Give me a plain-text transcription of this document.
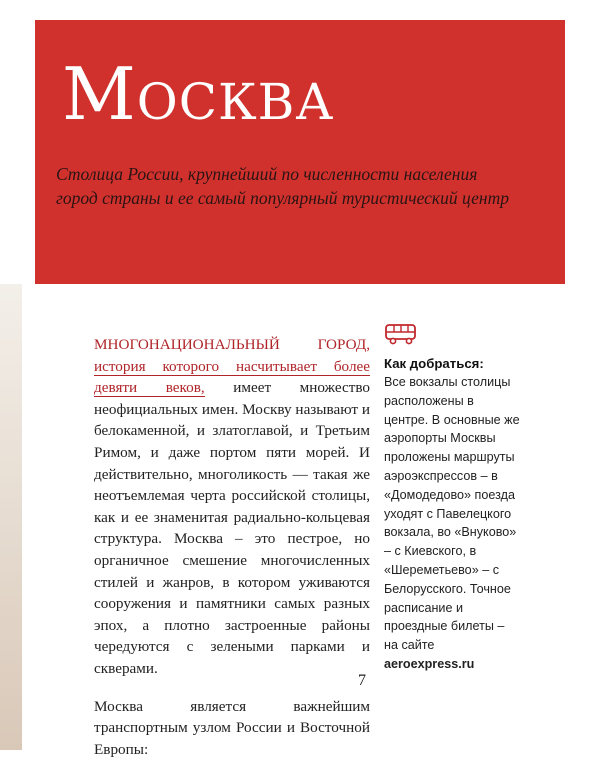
Москва
Столица России, крупнейший по численности населения город страны и ее самый популярный туристический центр

МНОГОНАЦИОНАЛЬНЫЙ ГОРОД, история которого насчитывает более девяти веков, имеет множество неофициальных имен. Москву называют и белокаменной, и златоглавой, и Третьим Римом, и даже портом пяти морей. И действительно, многоликость — такая же неотъемлемая черта российской столицы, как и ее знаменитая радиально-кольцевая структура. Москва – это пестрое, но органичное смешение многочисленных стилей и жанров, в котором уживаются сооружения и памятники самых разных эпох, а плотно застроенные районы чередуются с зелеными парками и скверами.

Москва является важнейшим транспортным узлом России и Восточной Европы:

7

Как добраться:

Все вокзалы столицы расположены в центре. В основные же аэропорты Москвы проложены маршруты аэроэкспрессов – в «Домодедово» поезда уходят с Павелецкого вокзала, во «Внуково» – с Киевского, в «Шереметьево» – с Белорусского. Точное расписание и проездные билеты – на сайте aeroexpress.ru
